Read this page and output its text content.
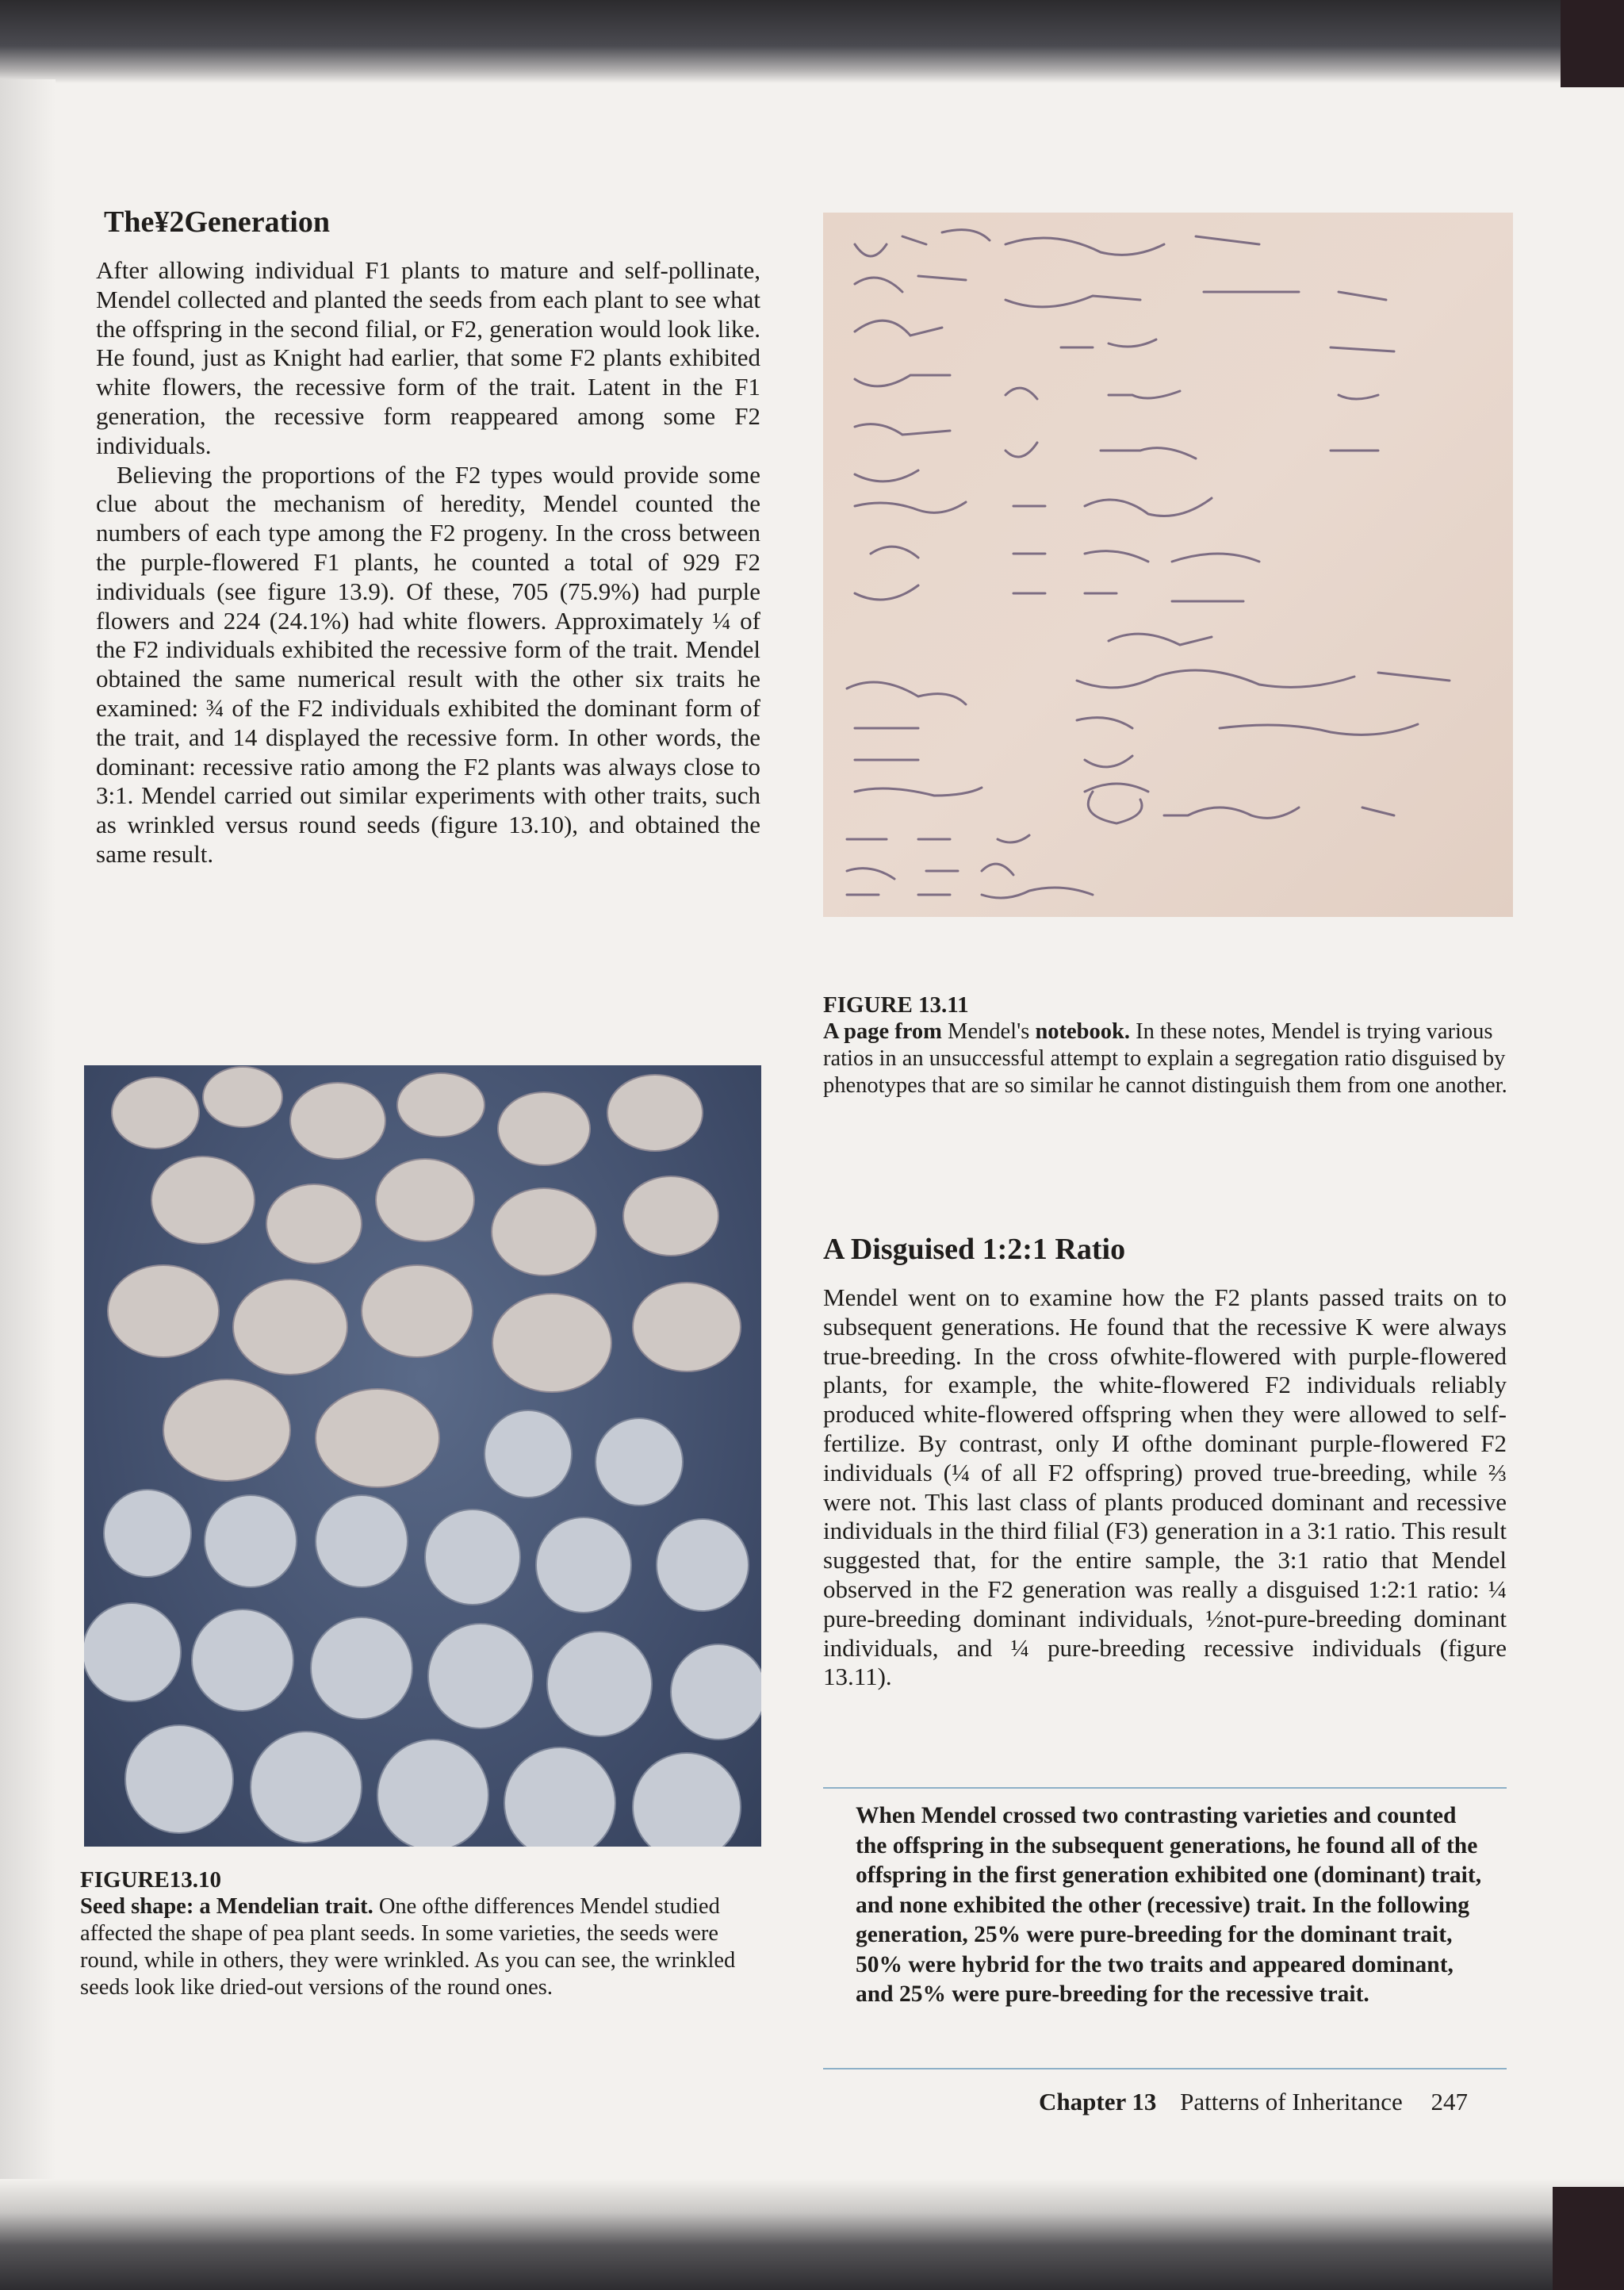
The¥2Generation

After allowing individual F1 plants to mature and self-pollinate, Mendel collected and planted the seeds from each plant to see what the offspring in the second filial, or F2, generation would look like. He found, just as Knight had earlier, that some F2 plants exhibited white flowers, the recessive form of the trait. Latent in the F1 generation, the recessive form reappeared among some F2 individuals.

Believing the proportions of the F2 types would provide some clue about the mechanism of heredity, Mendel counted the numbers of each type among the F2 progeny. In the cross between the purple-flowered F1 plants, he counted a total of 929 F2 individuals (see figure 13.9). Of these, 705 (75.9%) had purple flowers and 224 (24.1%) had white flowers. Approximately ¼ of the F2 individuals exhibited the recessive form of the trait. Mendel obtained the same numerical result with the other six traits he examined: ¾ of the F2 individuals exhibited the dominant form of the trait, and 14 displayed the recessive form. In other words, the dominant: recessive ratio among the F2 plants was always close to 3:1. Mendel carried out similar experiments with other traits, such as wrinkled versus round seeds (figure 13.10), and obtained the same result.

FIGURE 13.11
A page from Mendel's notebook. In these notes, Mendel is trying various ratios in an unsuccessful attempt to explain a segregation ratio disguised by phenotypes that are so similar he cannot distinguish them from one another.
FIGURE13.10
Seed shape: a Mendelian trait. One ofthe differences Mendel studied affected the shape of pea plant seeds. In some varieties, the seeds were round, while in others, they were wrinkled. As you can see, the wrinkled seeds look like dried-out versions of the round ones.
A Disguised 1:2:1 Ratio

Mendel went on to examine how the F2 plants passed traits on to subsequent generations. He found that the recessive K were always true-breeding. In the cross ofwhite-flowered with purple-flowered plants, for example, the white-flowered F2 individuals reliably produced white-flowered offspring when they were allowed to self-fertilize. By contrast, only И ofthe dominant purple-flowered F2 individuals (¼ of all F2 offspring) proved true-breeding, while ⅔ were not. This last class of plants produced dominant and recessive individuals in the third filial (F3) generation in a 3:1 ratio. This result suggested that, for the entire sample, the 3:1 ratio that Mendel observed in the F2 generation was really a disguised 1:2:1 ratio: ¼ pure-breeding dominant individuals, ½not-pure-breeding dominant individuals, and ¼ pure-breeding recessive individuals (figure 13.11).

When Mendel crossed two contrasting varieties and counted the offspring in the subsequent generations, he found all of the offspring in the first generation exhibited one (dominant) trait, and none exhibited the other (recessive) trait. In the following generation, 25% were pure-breeding for the dominant trait, 50% were hybrid for the two traits and appeared dominant, and 25% were pure-breeding for the recessive trait.

Chapter 13 Patterns of Inheritance 247
